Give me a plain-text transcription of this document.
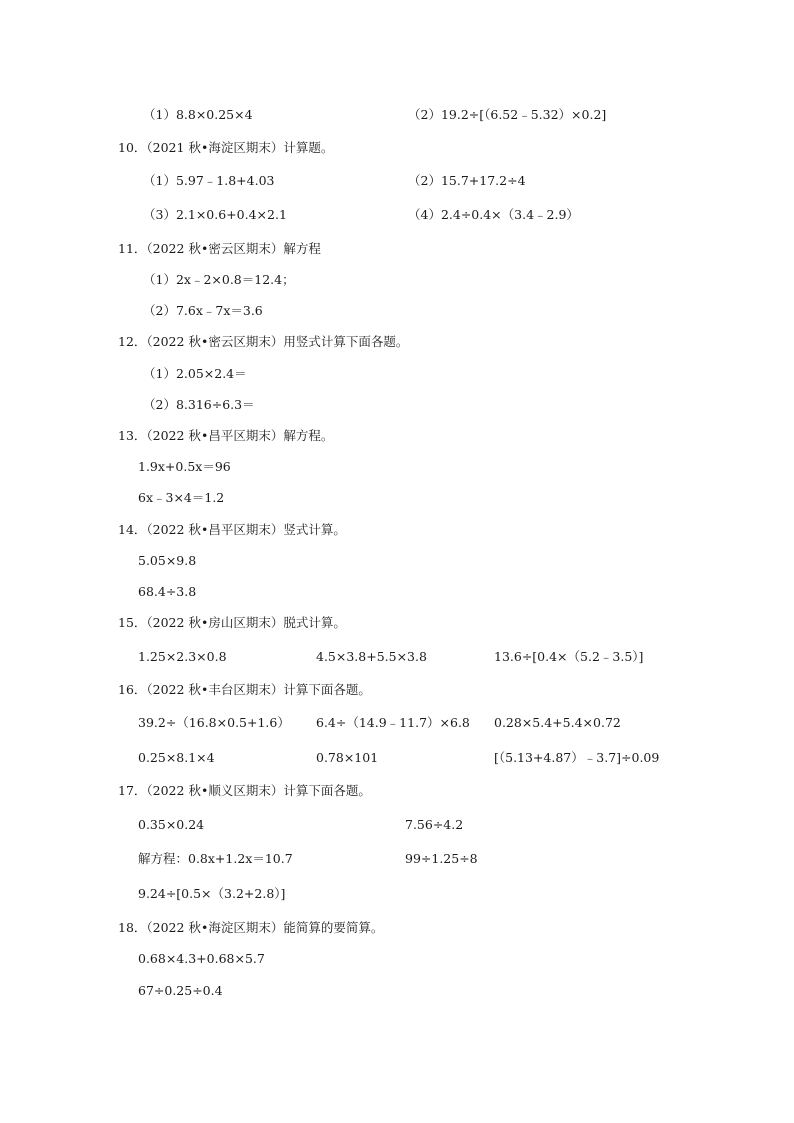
（1）8.8×0.25×4	（2）19.2÷[（6.52﹣5.32）×0.2]
10．（2021 秋•海淀区期末）计算题。
（1）5.97﹣1.8+4.03	（2）15.7+17.2÷4
（3）2.1×0.6+0.4×2.1	（4）2.4÷0.4×（3.4﹣2.9）
11．（2022 秋•密云区期末）解方程
（1）2x﹣2×0.8＝12.4；
（2）7.6x﹣7x＝3.6
12．（2022 秋•密云区期末）用竖式计算下面各题。
（1）2.05×2.4＝
（2）8.316÷6.3＝
13．（2022 秋•昌平区期末）解方程。
1.9x+0.5x＝96
6x﹣3×4＝1.2
14．（2022 秋•昌平区期末）竖式计算。
5.05×9.8
68.4÷3.8
15．（2022 秋•房山区期末）脱式计算。
1.25×2.3×0.8	4.5×3.8+5.5×3.8	13.6÷[0.4×（5.2﹣3.5）]
16．（2022 秋•丰台区期末）计算下面各题。
39.2÷（16.8×0.5+1.6） 6.4÷（14.9﹣11.7）×6.8 0.28×5.4+5.4×0.72
0.25×8.1×4	0.78×101	[（5.13+4.87）﹣3.7]÷0.09
17．（2022 秋•顺义区期末）计算下面各题。
0.35×0.24	7.56÷4.2
解方程：0.8x+1.2x＝10.7	99÷1.25÷8
9.24÷[0.5×（3.2+2.8）]
18．（2022 秋•海淀区期末）能简算的要简算。
0.68×4.3+0.68×5.7
67÷0.25÷0.4
